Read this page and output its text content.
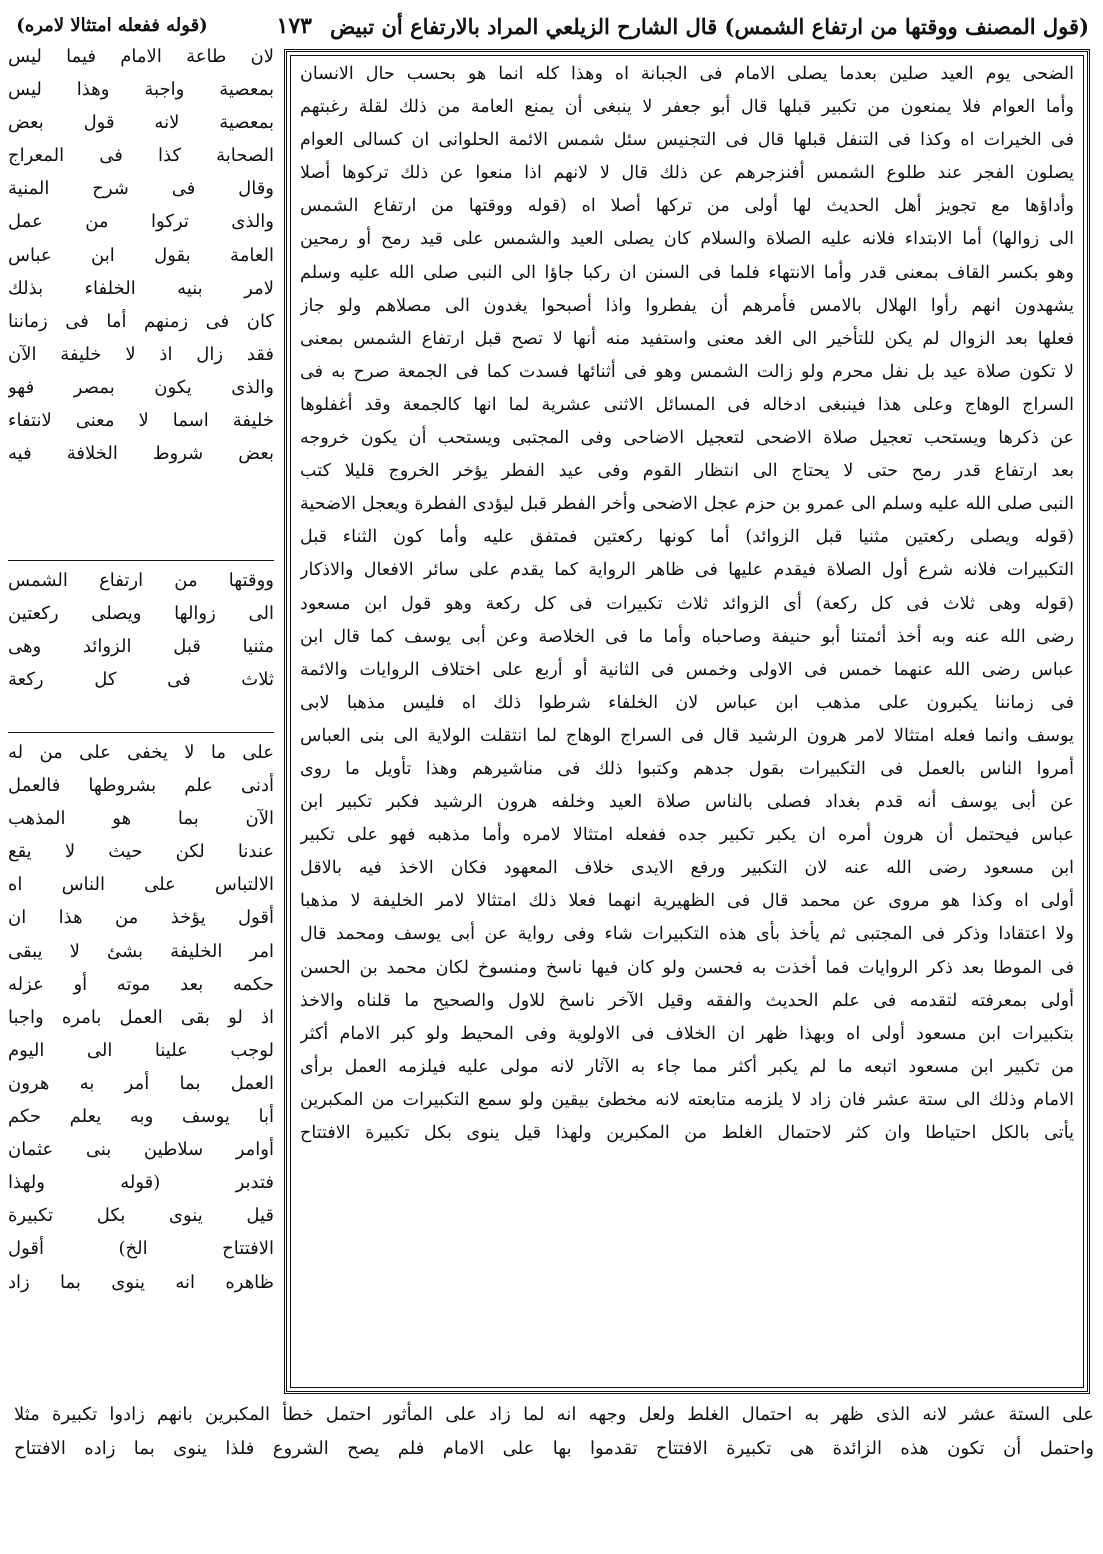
(قول المصنف ووقتها من ارتفاع الشمس) قال الشارح الزيلعي المراد بالارتفاع أن تبيض
١٧٣
(قوله ففعله امتثالا لامره)
الضحى يوم العيد صلين بعدما يصلى الامام فى الجبانة اه وهذا كله انما هو بحسب حال الانسان
وأما العوام فلا يمنعون من تكبير قبلها قال أبو جعفر لا ينبغى أن يمنع العامة من ذلك لقلة رغبتهم
فى الخيرات اه وكذا فى التنفل قبلها قال فى التجنيس سئل شمس الائمة الحلوانى ان كسالى العوام
يصلون الفجر عند طلوع الشمس أفنزجرهم عن ذلك قال لا لانهم اذا منعوا عن ذلك تركوها أصلا
وأداؤها مع تجويز أهل الحديث لها أولى من تركها أصلا اه (قوله ووقتها من ارتفاع الشمس
الى زوالها) أما الابتداء فلانه عليه الصلاة والسلام كان يصلى العيد والشمس على قيد رمح أو رمحين
وهو بكسر القاف بمعنى قدر وأما الانتهاء فلما فى السنن ان ركبا جاؤا الى النبى صلى الله عليه وسلم
يشهدون انهم رأوا الهلال بالامس فأمرهم أن يفطروا واذا أصبحوا يغدون الى مصلاهم ولو جاز
فعلها بعد الزوال لم يكن للتأخير الى الغد معنى واستفيد منه أنها لا تصح قبل ارتفاع الشمس بمعنى
لا تكون صلاة عيد بل نفل محرم ولو زالت الشمس وهو فى أثنائها فسدت كما فى الجمعة صرح به فى
السراج الوهاج وعلى هذا فينبغى ادخاله فى المسائل الاثنى عشرية لما انها كالجمعة وقد أغفلوها
عن ذكرها ويستحب تعجيل صلاة الاضحى لتعجيل الاضاحى وفى المجتبى ويستحب أن يكون خروجه
بعد ارتفاع قدر رمح حتى لا يحتاج الى انتظار القوم وفى عيد الفطر يؤخر الخروج قليلا كتب
النبى صلى الله عليه وسلم الى عمرو بن حزم عجل الاضحى وأخر الفطر قبل ليؤدى الفطرة ويعجل الاضحية
(قوله ويصلى ركعتين مثنيا قبل الزوائد) أما كونها ركعتين فمتفق عليه وأما كون الثناء قبل
التكبيرات فلانه شرع أول الصلاة فيقدم عليها فى ظاهر الرواية كما يقدم على سائر الافعال والاذكار
(قوله وهى ثلاث فى كل ركعة) أى الزوائد ثلاث تكبيرات فى كل ركعة وهو قول ابن مسعود
رضى الله عنه وبه أخذ أئمتنا أبو حنيفة وصاحباه وأما ما فى الخلاصة وعن أبى يوسف كما قال ابن
عباس رضى الله عنهما خمس فى الاولى وخمس فى الثانية أو أربع على اختلاف الروايات والائمة
فى زماننا يكبرون على مذهب ابن عباس لان الخلفاء شرطوا ذلك اه فليس مذهبا لابى
يوسف وانما فعله امتثالا لامر هرون الرشيد قال فى السراج الوهاج لما انتقلت الولاية الى بنى العباس
أمروا الناس بالعمل فى التكبيرات بقول جدهم وكتبوا ذلك فى مناشيرهم وهذا تأويل ما روى
عن أبى يوسف أنه قدم بغداد فصلى بالناس صلاة العيد وخلفه هرون الرشيد فكبر تكبير ابن
عباس فيحتمل أن هرون أمره ان يكبر تكبير جده ففعله امتثالا لامره وأما مذهبه فهو على تكبير
ابن مسعود رضى الله عنه لان التكبير ورفع الايدى خلاف المعهود فكان الاخذ فيه بالاقل
أولى اه وكذا هو مروى عن محمد قال فى الظهيرية انهما فعلا ذلك امتثالا لامر الخليفة لا مذهبا
ولا اعتقادا وذكر فى المجتبى ثم يأخذ بأى هذه التكبيرات شاء وفى رواية عن أبى يوسف ومحمد قال
فى الموطا بعد ذكر الروايات فما أخذت به فحسن ولو كان فيها ناسخ ومنسوخ لكان محمد بن الحسن
أولى بمعرفته لتقدمه فى علم الحديث والفقه وقيل الآخر ناسخ للاول والصحيح ما قلناه والاخذ
بتكبيرات ابن مسعود أولى اه وبهذا ظهر ان الخلاف فى الاولوية وفى المحيط ولو كبر الامام أكثر
من تكبير ابن مسعود اتبعه ما لم يكبر أكثر مما جاء به الآثار لانه مولى عليه فيلزمه العمل برأى
الامام وذلك الى ستة عشر فان زاد لا يلزمه متابعته لانه مخطئ بيقين ولو سمع التكبيرات من المكبرين
يأتى بالكل احتياطا وان كثر لاحتمال الغلط من المكبرين ولهذا قيل ينوى بكل تكبيرة الافتتاح
لان طاعة الامام فيما ليس
بمعصية واجبة وهذا ليس
بمعصية لانه قول بعض
الصحابة كذا فى المعراج
وقال فى شرح المنية
والذى تركوا من عمل
العامة بقول ابن عباس
لامر بنيه الخلفاء بذلك
كان فى زمنهم أما فى زماننا
فقد زال اذ لا خليفة الآن
والذى يكون بمصر فهو
خليفة اسما لا معنى لانتفاء
بعض شروط الخلافة فيه
ووقتها من ارتفاع الشمس
الى زوالها ويصلى ركعتين
مثنيا قبل الزوائد وهى
ثلاث فى كل ركعة
على ما لا يخفى على من له
أدنى علم بشروطها فالعمل
الآن بما هو المذهب
عندنا لكن حيث لا يقع
الالتباس على الناس اه
أقول يؤخذ من هذا ان
امر الخليفة بشئ لا يبقى
حكمه بعد موته أو عزله
اذ لو بقى العمل بامره واجبا
لوجب علينا الى اليوم
العمل بما أمر به هرون
أبا يوسف وبه يعلم حكم
أوامر سلاطين بنى عثمان
فتدبر (قوله ولهذا
قيل ينوى بكل تكبيرة
الافتتاح الخ) أقول
ظاهره انه ينوى بما زاد
على الستة عشر لانه الذى ظهر به احتمال الغلط ولعل وجهه انه لما زاد على المأثور احتمل خطأ المكبرين بانهم زادوا تكبيرة مثلا
واحتمل أن تكون هذه الزائدة هى تكبيرة الافتتاح تقدموا بها على الامام فلم يصح الشروع فلذا ينوى بما زاده الافتتاح
